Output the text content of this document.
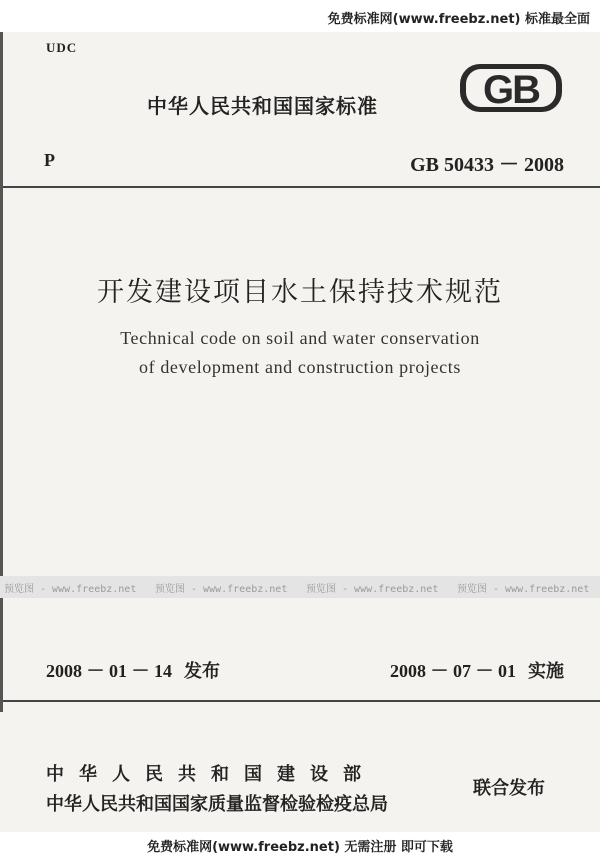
免费标准网(www.freebz.net) 标准最全面
UDC
中华人民共和国国家标准	GB
P	GB 50433 － 2008
开发建设项目水土保持技术规范
Technical code on soil and water conservation
of development and construction projects
预览图 - www.freebz.net 预览图 - www.freebz.net 预览图 - www.freebz.net 预览图 - www.freebz.net
2008 － 01 － 14 发布	2008 － 07 － 01 实施
中华人民共和国建设部
中华人民共和国国家质量监督检验检疫总局
联合发布
免费标准网(www.freebz.net) 无需注册 即可下载
